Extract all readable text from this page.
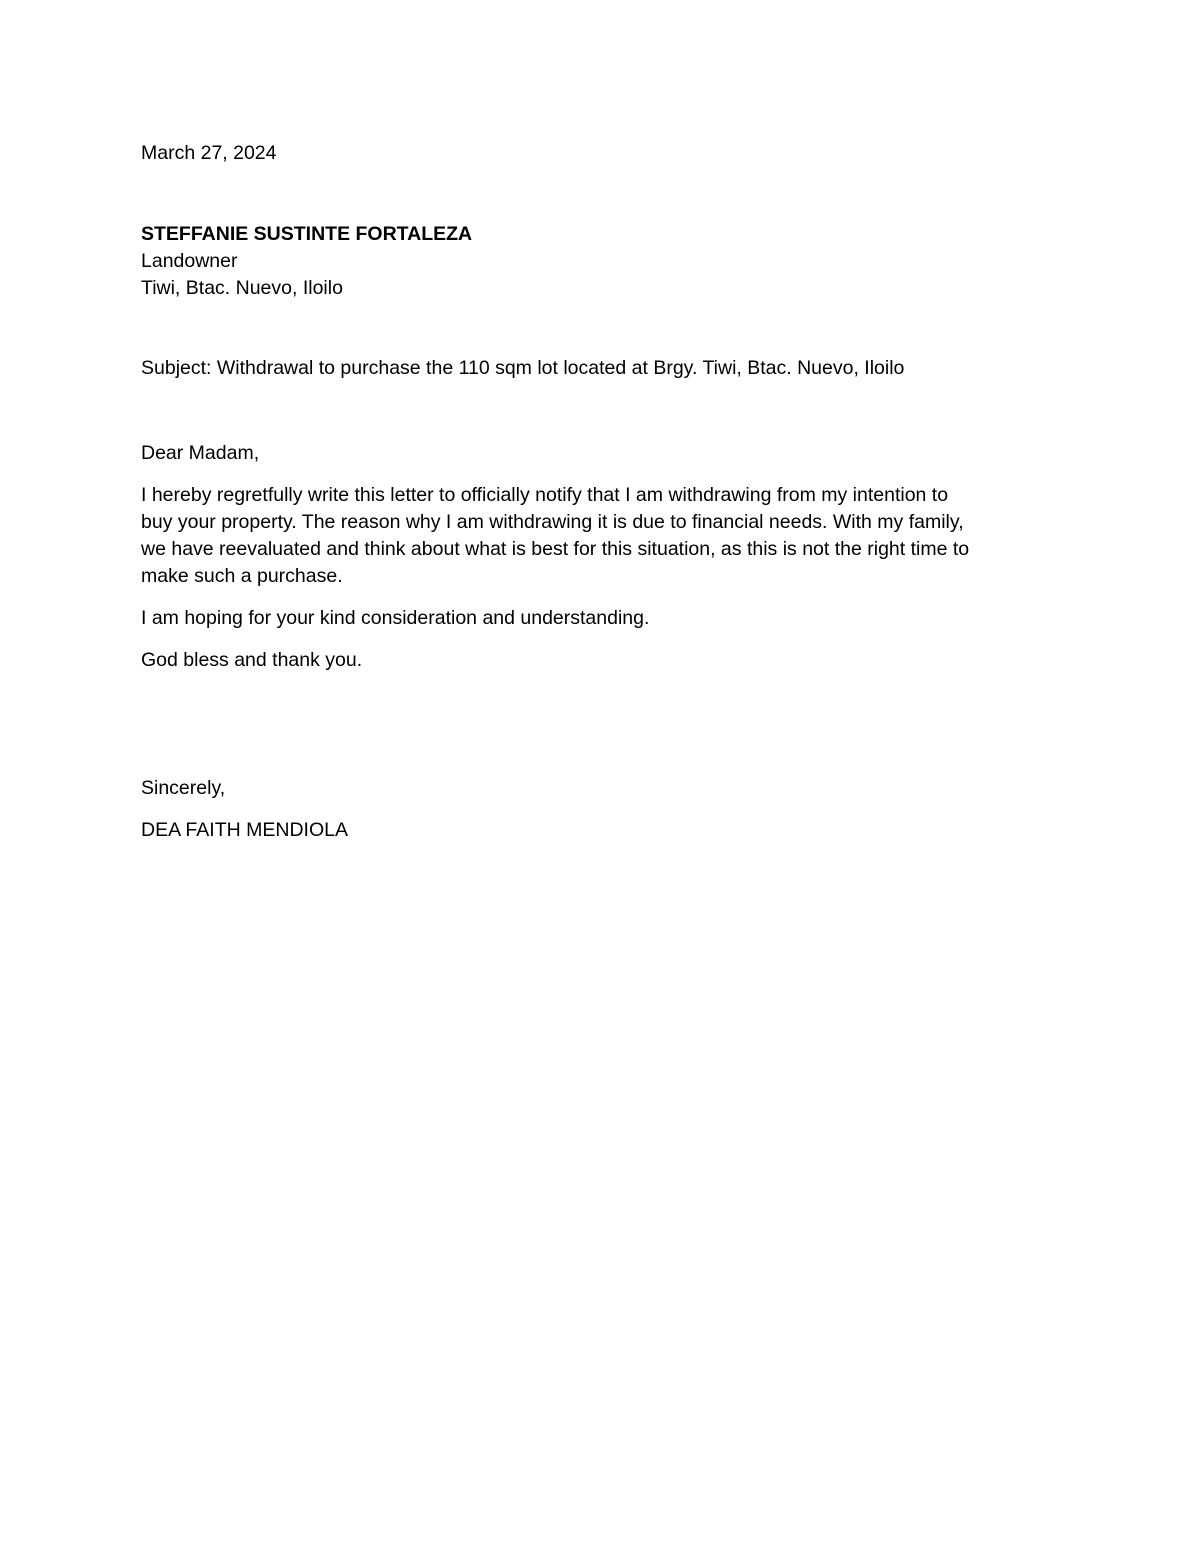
March 27, 2024
STEFFANIE SUSTINTE FORTALEZA
Landowner
Tiwi, Btac. Nuevo, Iloilo
Subject: Withdrawal to purchase the 110 sqm lot located at Brgy. Tiwi, Btac. Nuevo, Iloilo
Dear Madam,
I hereby regretfully write this letter to officially notify that I am withdrawing from my intention to
buy your property. The reason why I am withdrawing it is due to financial needs. With my family,
we have reevaluated and think about what is best for this situation, as this is not the right time to
make such a purchase.
I am hoping for your kind consideration and understanding.
God bless and thank you.
Sincerely,
DEA FAITH MENDIOLA
